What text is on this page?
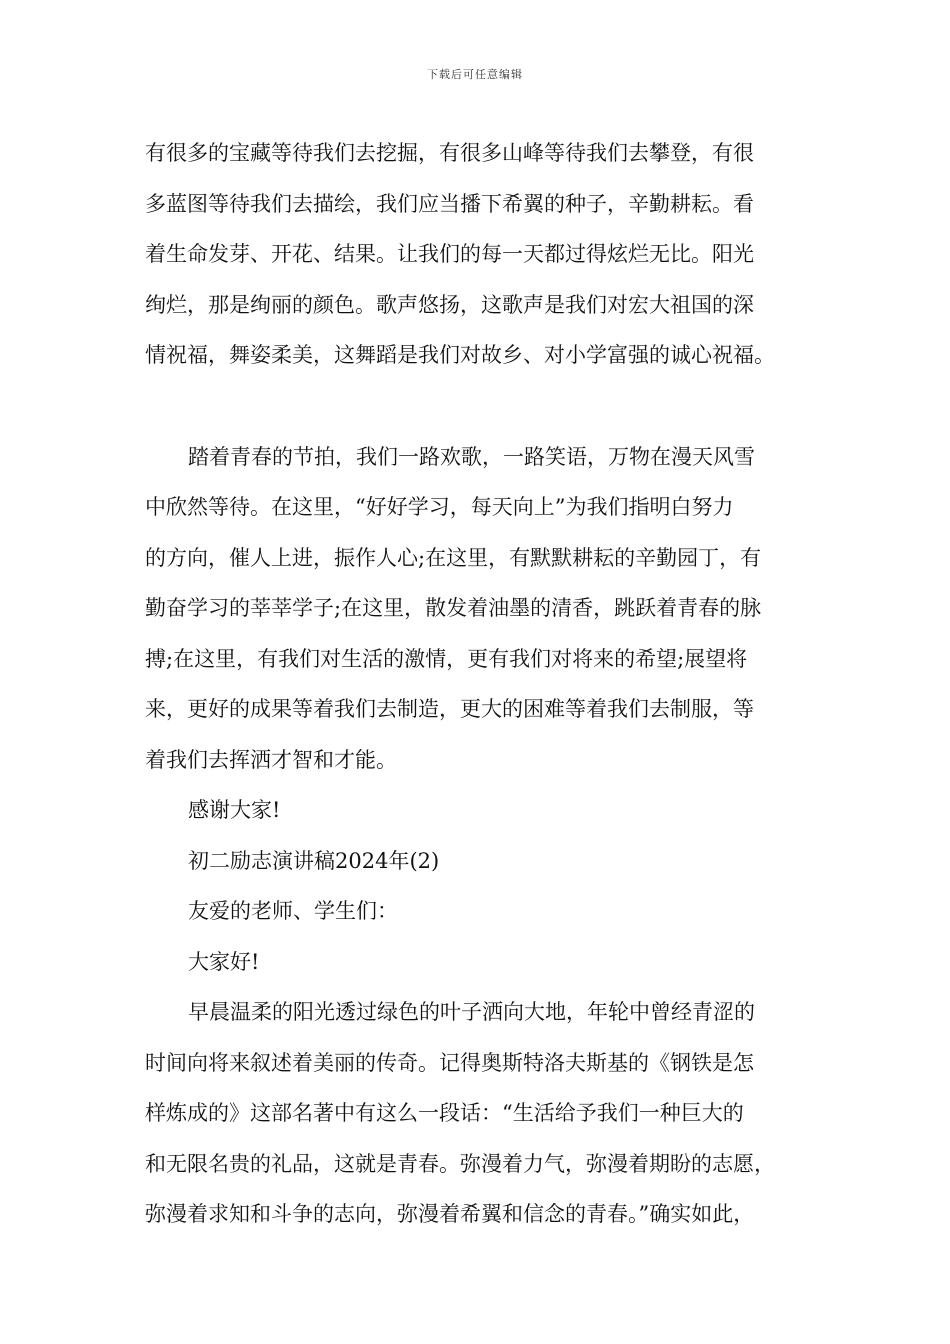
下载后可任意编辑
有很多的宝藏等待我们去挖掘，有很多山峰等待我们去攀登，有很
多蓝图等待我们去描绘，我们应当播下希翼的种子，辛勤耕耘。看
着生命发芽、开花、结果。让我们的每一天都过得炫烂无比。阳光
绚烂，那是绚丽的颜色。歌声悠扬，这歌声是我们对宏大祖国的深
情祝福，舞姿柔美，这舞蹈是我们对故乡、对小学富强的诚心祝福。
踏着青春的节拍，我们一路欢歌，一路笑语，万物在漫天风雪
中欣然等待。在这里，“好好学习，每天向上”为我们指明白努力
的方向，催人上进，振作人心;在这里，有默默耕耘的辛勤园丁，有
勤奋学习的莘莘学子;在这里，散发着油墨的清香，跳跃着青春的脉
搏;在这里，有我们对生活的激情，更有我们对将来的希望;展望将
来，更好的成果等着我们去制造，更大的困难等着我们去制服，等
着我们去挥洒才智和才能。
感谢大家!
初二励志演讲稿2024年(2)
友爱的老师、学生们：
大家好!
早晨温柔的阳光透过绿色的叶子洒向大地，年轮中曾经青涩的
时间向将来叙述着美丽的传奇。记得奥斯特洛夫斯基的《钢铁是怎
样炼成的》这部名著中有这么一段话：“生活给予我们一种巨大的
和无限名贵的礼品，这就是青春。弥漫着力气，弥漫着期盼的志愿，
弥漫着求知和斗争的志向，弥漫着希翼和信念的青春。”确实如此，
